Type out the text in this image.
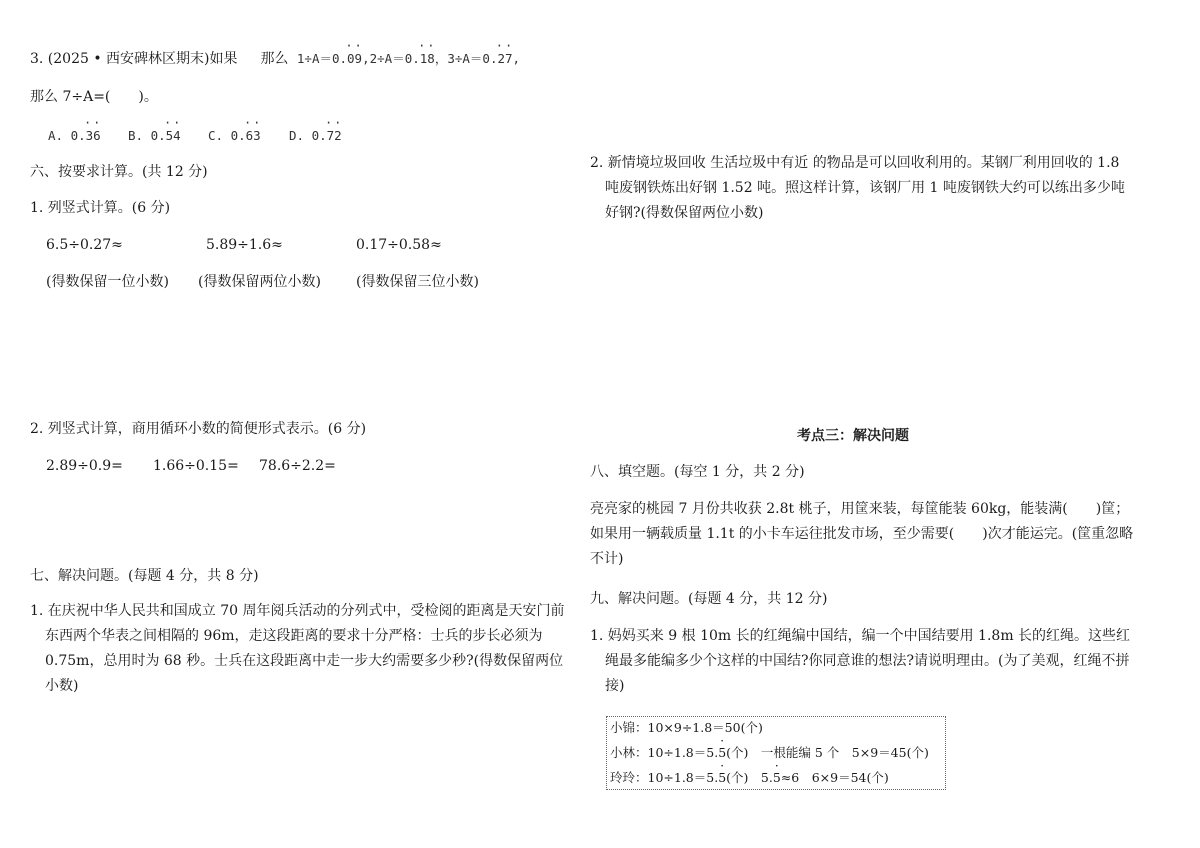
3. (2025 • 西安碑林区期末)如果 那么 1÷A＝0.·· 09,2÷A＝0.·· 18，3÷A＝0.·· 27,
那么 7÷A=(　　)。
A. 0.·· 36 B. 0.·· 54 C. 0.·· 63 D. 0.·· 72
六、按要求计算。(共 12 分)
1. 列竖式计算。(6 分)
6.5÷0.27≈	5.89÷1.6≈	0.17÷0.58≈
(得数保留一位小数) (得数保留两位小数)	(得数保留三位小数)
2. 列竖式计算，商用循环小数的简便形式表示。(6 分)
2.89÷0.9= 1.66÷0.15= 78.6÷2.2=
七、解决问题。(每题 4 分，共 8 分)
1. 在庆祝中华人民共和国成立 70 周年阅兵活动的分列式中，受检阅的距离是天安门前东西两个华表之间相隔的 96m，走这段距离的要求十分严格：士兵的步长必须为 0.75m，总用时为 68 秒。士兵在这段距离中走一步大约需要多少秒?(得数保留两位小数)
2. 新情境垃圾回收 生活垃圾中有近 的物品是可以回收利用的。某钢厂利用回收的 1.8 吨废钢铁炼出好钢 1.52 吨。照这样计算，该钢厂用 1 吨废钢铁大约可以练出多少吨好钢?(得数保留两位小数)
考点三：解决问题
八、填空题。(每空 1 分，共 2 分)
亮亮家的桃园 7 月份共收获 2.8t 桃子，用筐来装，每筐能装 60kg，能装满(　　)筐；如果用一辆载质量 1.1t 的小卡车运往批发市场，至少需要(　　)次才能运完。(筐重忽略不计)
九、解决问题。(每题 4 分，共 12 分)
1. 妈妈买来 9 根 10m 长的红绳编中国结，编一个中国结要用 1.8m 长的红绳。这些红绳最多能编多少个这样的中国结?你同意谁的想法?请说明理由。(为了美观，红绳不拼接)
小锦：10×9÷1.8＝50(个)
小林：10÷1.8＝5.· 5(个)　一根能编 5 个　5×9＝45(个)
玲玲：10÷1.8＝5.· 5(个)　5.· 5≈6　6×9＝54(个)
